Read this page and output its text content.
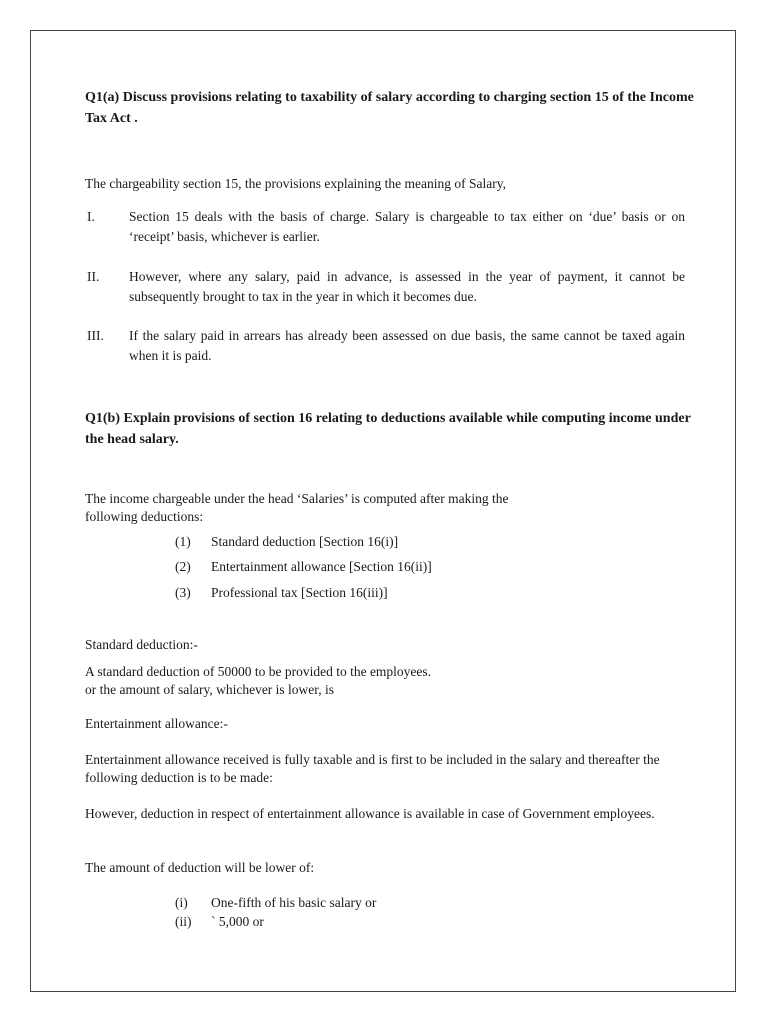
Q1(a) Discuss provisions relating to taxability of salary according to charging section 15 of the Income Tax Act .

The chargeability section 15, the provisions explaining the meaning of Salary,

I.	Section 15 deals with the basis of charge. Salary is chargeable to tax either on ‘due’ basis or on ‘receipt’ basis, whichever is earlier.

II.	However, where any salary, paid in advance, is assessed in the year of payment, it cannot be subsequently brought to tax in the year in which it becomes due.

III.	If the salary paid in arrears has already been assessed on due basis, the same cannot be taxed again when it is paid.

Q1(b) Explain provisions of section 16 relating to deductions available while computing income under the head salary.

The income chargeable under the head ‘Salaries’ is computed after making the

following deductions:

(1)	Standard deduction [Section 16(i)]
(2)	Entertainment allowance [Section 16(ii)]
(3)	Professional tax [Section 16(iii)]

Standard deduction:-

A standard deduction of 50000 to be provided to the employees.

or the amount of salary, whichever is lower, is

Entertainment allowance:-

Entertainment allowance received is fully taxable and is first to be included in the salary and thereafter the following deduction is to be made:

However, deduction in respect of entertainment allowance is available in case of Government employees.

The amount of deduction will be lower of:

(i)	One-fifth of his basic salary or
(ii)	` 5,000 or
